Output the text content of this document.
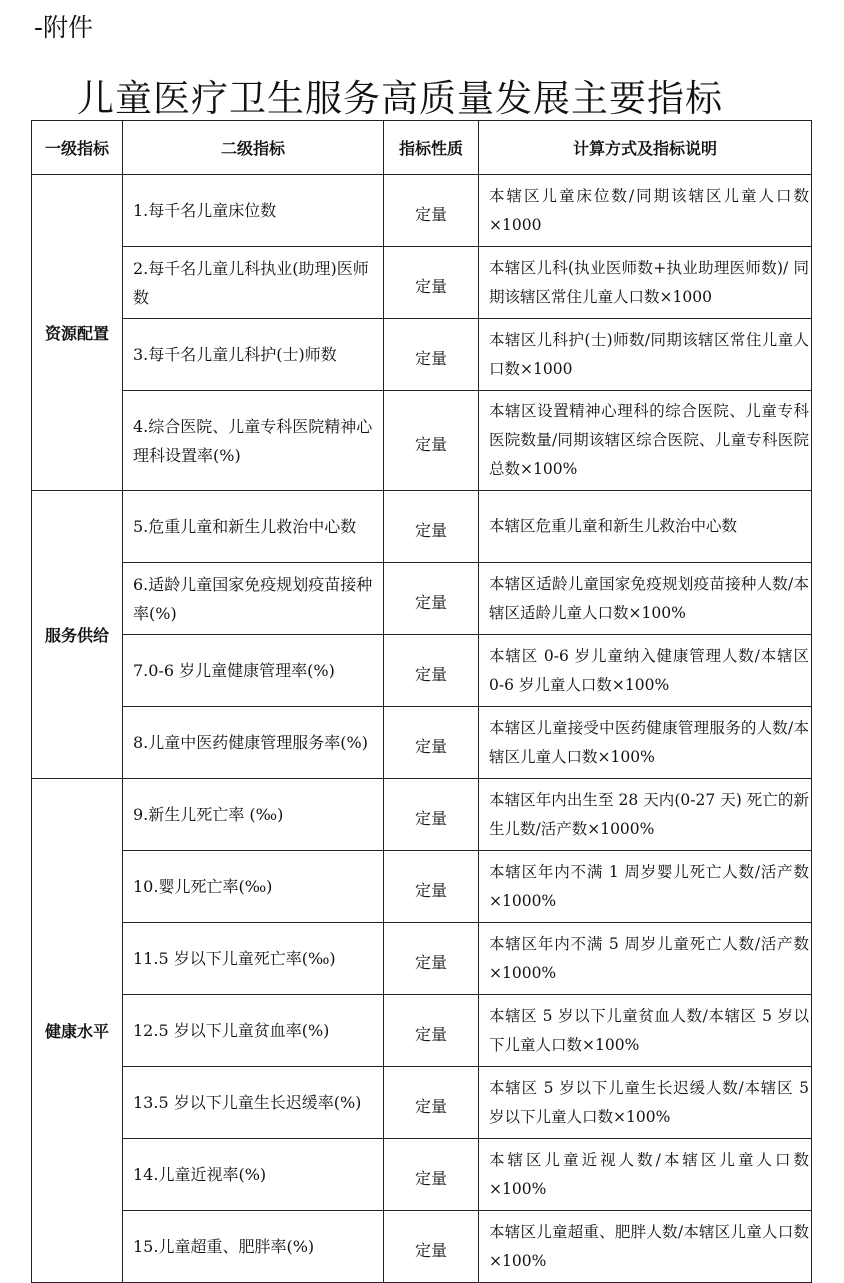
-附件
儿童医疗卫生服务高质量发展主要指标
一级指标	二级指标	指标性质	计算方式及指标说明
资源配置	1.每千名儿童床位数	定量	本辖区儿童床位数/同期该辖区儿童人口数×1000
	2.每千名儿童儿科执业(助理)医师数	定量	本辖区儿科(执业医师数+执业助理医师数)/ 同期该辖区常住儿童人口数×1000
	3.每千名儿童儿科护(士)师数	定量	本辖区儿科护(士)师数/同期该辖区常住儿童人口数×1000
	4.综合医院、儿童专科医院精神心理科设置率(%)	定量	本辖区设置精神心理科的综合医院、儿童专科医院数量/同期该辖区综合医院、儿童专科医院总数×100%
服务供给	5.危重儿童和新生儿救治中心数	定量	本辖区危重儿童和新生儿救治中心数
	6.适龄儿童国家免疫规划疫苗接种率(%)	定量	本辖区适龄儿童国家免疫规划疫苗接种人数/本辖区适龄儿童人口数×100%
	7.0-6 岁儿童健康管理率(%)	定量	本辖区 0-6 岁儿童纳入健康管理人数/本辖区 0-6 岁儿童人口数×100%
	8.儿童中医药健康管理服务率(%)	定量	本辖区儿童接受中医药健康管理服务的人数/本辖区儿童人口数×100%
健康水平	9.新生儿死亡率 (‰)	定量	本辖区年内出生至 28 天内(0-27 天) 死亡的新生儿数/活产数×1000%
	10.婴儿死亡率(‰)	定量	本辖区年内不满 1 周岁婴儿死亡人数/活产数×1000%
	11.5 岁以下儿童死亡率(‰)	定量	本辖区年内不满 5 周岁儿童死亡人数/活产数×1000%
	12.5 岁以下儿童贫血率(%)	定量	本辖区 5 岁以下儿童贫血人数/本辖区 5 岁以下儿童人口数×100%
	13.5 岁以下儿童生长迟缓率(%)	定量	本辖区 5 岁以下儿童生长迟缓人数/本辖区 5 岁以下儿童人口数×100%
	14.儿童近视率(%)	定量	本辖区儿童近视人数/本辖区儿童人口数×100%
	15.儿童超重、肥胖率(%)	定量	本辖区儿童超重、肥胖人数/本辖区儿童人口数×100%
